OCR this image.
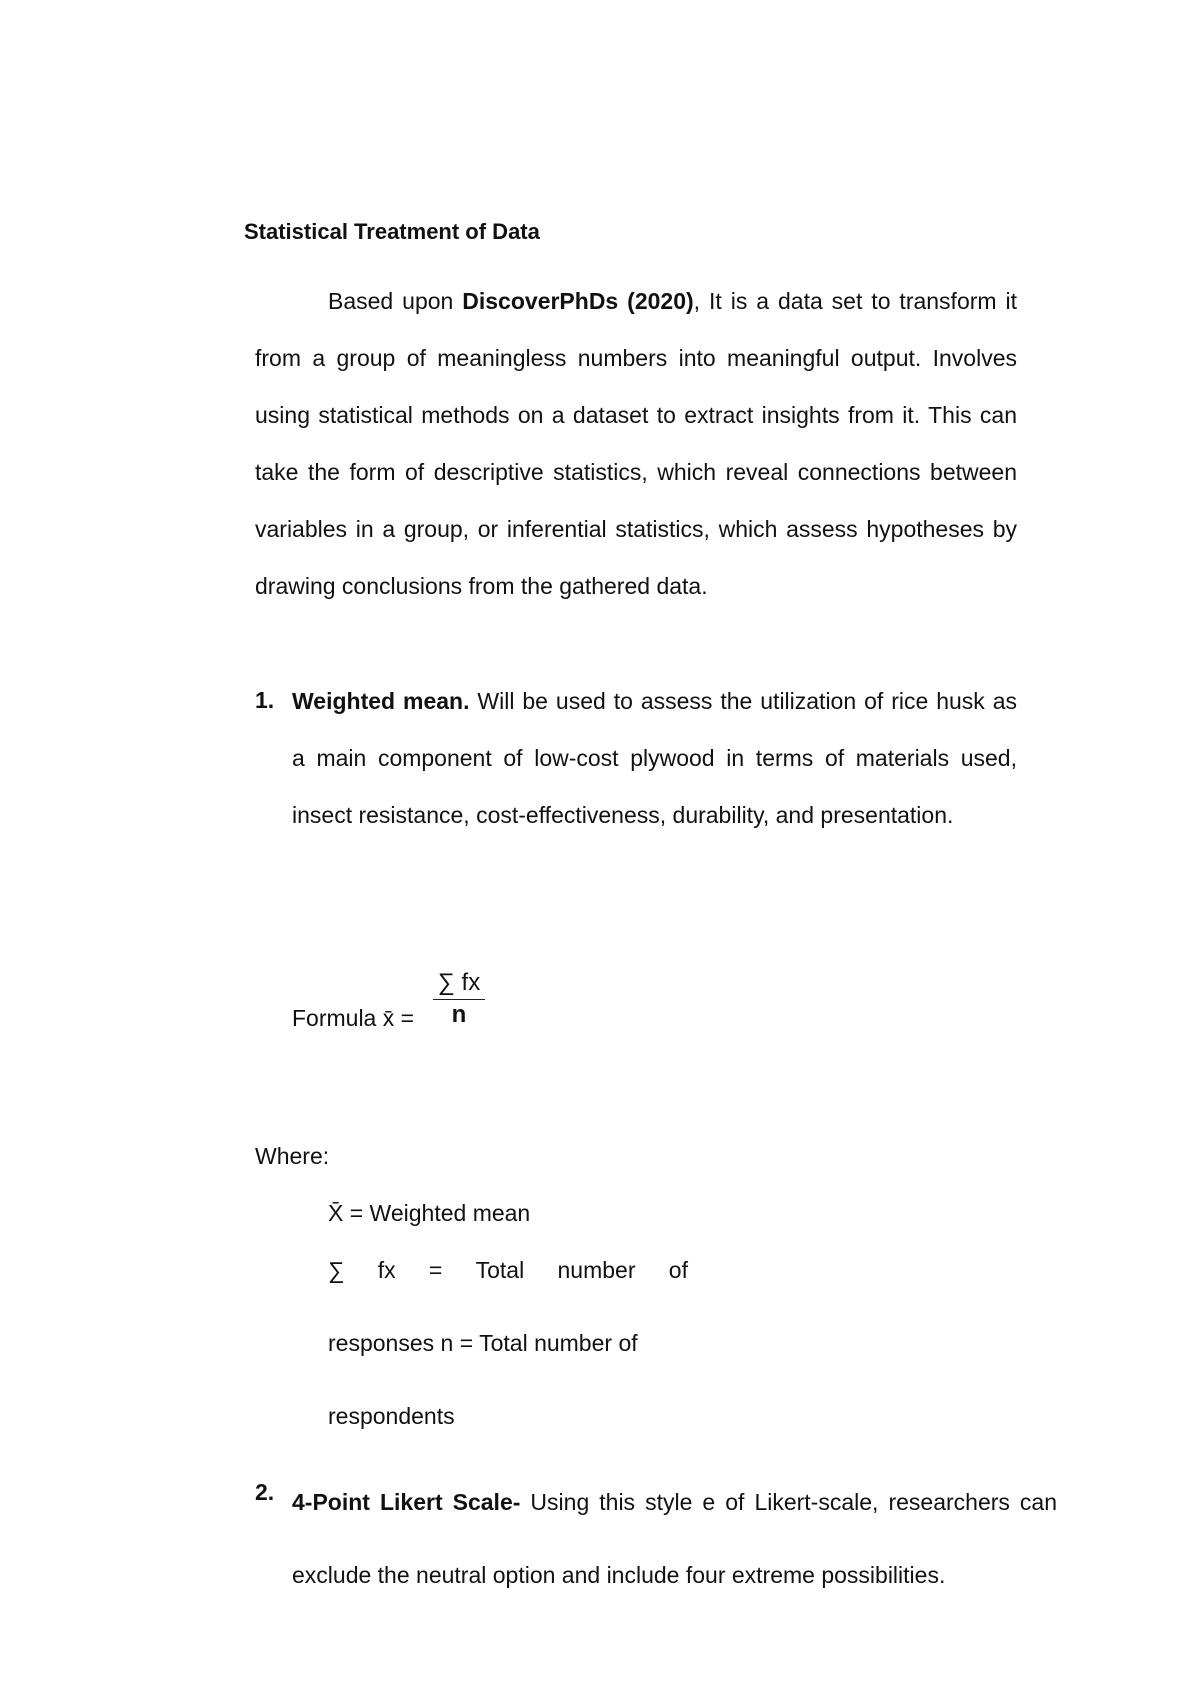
Statistical Treatment of Data
Based upon DiscoverPhDs (2020), It is a data set to transform it from a group of meaningless numbers into meaningful output. Involves using statistical methods on a dataset to extract insights from it. This can take the form of descriptive statistics, which reveal connections between variables in a group, or inferential statistics, which assess hypotheses by drawing conclusions from the gathered data.
1. Weighted mean. Will be used to assess the utilization of rice husk as a main component of low-cost plywood in terms of materials used, insect resistance, cost-effectiveness, durability, and presentation.
Formula x̄ = $\frac{\sum fx}{n}$
Where:
X̄ = Weighted mean
∑ fx = Total number of
responses n = Total number of
respondents
2. 4-Point Likert Scale- Using this style e of Likert-scale, researchers can exclude the neutral option and include four extreme possibilities.
